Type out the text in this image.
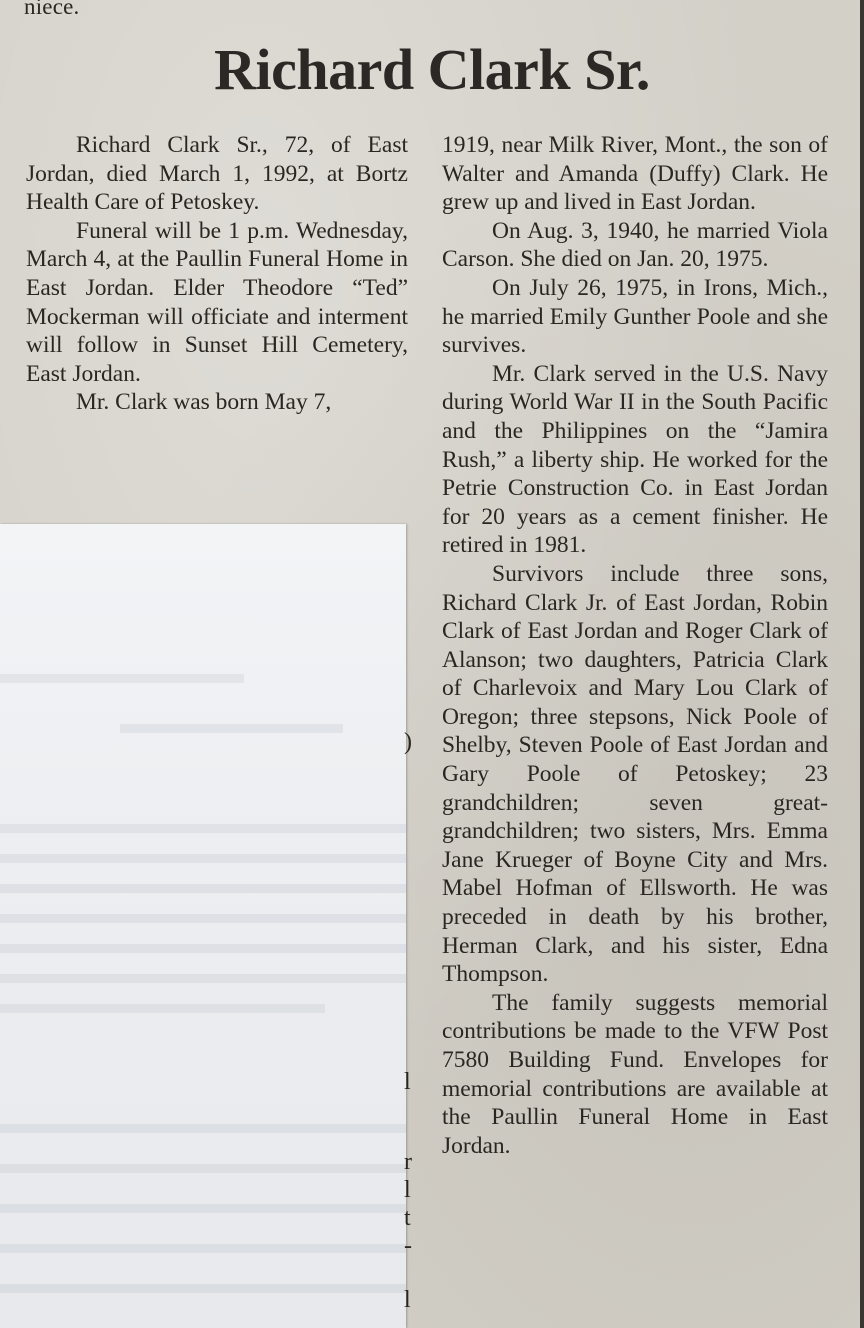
niece.
Richard Clark Sr.

Richard Clark Sr., 72, of East Jordan, died March 1, 1992, at Bortz Health Care of Petoskey.

Funeral will be 1 p.m. Wednesday, March 4, at the Paullin Funeral Home in East Jordan. Elder Theodore “Ted” Mockerman will officiate and interment will follow in Sunset Hill Cemetery, East Jordan.

Mr. Clark was born May 7,

1919, near Milk River, Mont., the son of Walter and Amanda (Duffy) Clark. He grew up and lived in East Jordan.

On Aug. 3, 1940, he married Viola Carson. She died on Jan. 20, 1975.

On July 26, 1975, in Irons, Mich., he married Emily Gunther Poole and she survives.

Mr. Clark served in the U.S. Navy during World War II in the South Pacific and the Philippines on the “Jamira Rush,” a liberty ship. He worked for the Petrie Construction Co. in East Jordan for 20 years as a cement finisher. He retired in 1981.

Survivors include three sons, Richard Clark Jr. of East Jordan, Robin Clark of East Jordan and Roger Clark of Alanson; two daughters, Patricia Clark of Charlevoix and Mary Lou Clark of Oregon; three stepsons, Nick Poole of Shelby, Steven Poole of East Jordan and Gary Poole of Petoskey; 23 grandchildren; seven great-grandchildren; two sisters, Mrs. Emma Jane Krueger of Boyne City and Mrs. Mabel Hofman of Ellsworth. He was preceded in death by his brother, Herman Clark, and his sister, Edna Thompson.

The family suggests memorial contributions be made to the VFW Post 7580 Building Fund. Envelopes for memorial contributions are available at the Paullin Funeral Home in East Jordan.

)
l
r
l
t
-
l
